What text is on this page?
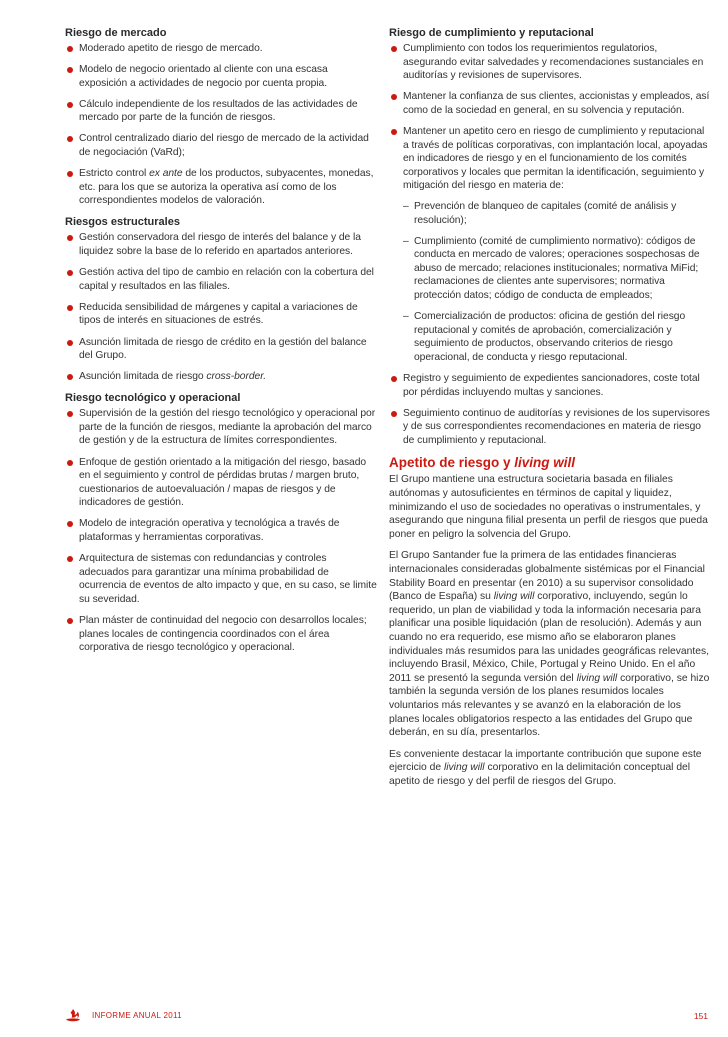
Riesgo de mercado
Moderado apetito de riesgo de mercado.
Modelo de negocio orientado al cliente con una escasa exposición a actividades de negocio por cuenta propia.
Cálculo independiente de los resultados de las actividades de mercado por parte de la función de riesgos.
Control centralizado diario del riesgo de mercado de la actividad de negociación (VaRd);
Estricto control ex ante de los productos, subyacentes, monedas, etc. para los que se autoriza la operativa así como de los correspondientes modelos de valoración.
Riesgos estructurales
Gestión conservadora del riesgo de interés del balance y de la liquidez sobre la base de lo referido en apartados anteriores.
Gestión activa del tipo de cambio en relación con la cobertura del capital y resultados en las filiales.
Reducida sensibilidad de márgenes y capital a variaciones de tipos de interés en situaciones de estrés.
Asunción limitada de riesgo de crédito en la gestión del balance del Grupo.
Asunción limitada de riesgo cross-border.
Riesgo tecnológico y operacional
Supervisión de la gestión del riesgo tecnológico y operacional por parte de la función de riesgos, mediante la aprobación del marco de gestión y de la estructura de límites correspondientes.
Enfoque de gestión orientado a la mitigación del riesgo, basado en el seguimiento y control de pérdidas brutas / margen bruto, cuestionarios de autoevaluación / mapas de riesgos y de indicadores de gestión.
Modelo de integración operativa y tecnológica a través de plataformas y herramientas corporativas.
Arquitectura de sistemas con redundancias y controles adecuados para garantizar una mínima probabilidad de ocurrencia de eventos de alto impacto y que, en su caso, se limite su severidad.
Plan máster de continuidad del negocio con desarrollos locales; planes locales de contingencia coordinados con el área corporativa de riesgo tecnológico y operacional.
Riesgo de cumplimiento y reputacional
Cumplimiento con todos los requerimientos regulatorios, asegurando evitar salvedades y recomendaciones sustanciales en auditorías y revisiones de supervisores.
Mantener la confianza de sus clientes, accionistas y empleados, así como de la sociedad en general, en su solvencia y reputación.
Mantener un apetito cero en riesgo de cumplimiento y reputacional a través de políticas corporativas, con implantación local, apoyadas en indicadores de riesgo y en el funcionamiento de los comités corporativos y locales que permitan la identificación, seguimiento y mitigación del riesgo en materia de:
– Prevención de blanqueo de capitales (comité de análisis y resolución);
– Cumplimiento (comité de cumplimiento normativo): códigos de conducta en mercado de valores; operaciones sospechosas de abuso de mercado; relaciones institucionales; normativa MiFid; reclamaciones de clientes ante supervisores; normativa protección datos; código de conducta de empleados;
– Comercialización de productos: oficina de gestión del riesgo reputacional y comités de aprobación, comercialización y seguimiento de productos, observando criterios de riesgo operacional, de conducta y riesgo reputacional.
Registro y seguimiento de expedientes sancionadores, coste total por pérdidas incluyendo multas y sanciones.
Seguimiento continuo de auditorías y revisiones de los supervisores y de sus correspondientes recomendaciones en materia de riesgo de cumplimiento y reputacional.
Apetito de riesgo y living will

El Grupo mantiene una estructura societaria basada en filiales autónomas y autosuficientes en términos de capital y liquidez, minimizando el uso de sociedades no operativas o instrumentales, y asegurando que ninguna filial presenta un perfil de riesgos que pueda poner en peligro la solvencia del Grupo.

El Grupo Santander fue la primera de las entidades financieras internacionales consideradas globalmente sistémicas por el Financial Stability Board en presentar (en 2010) a su supervisor consolidado (Banco de España) su living will corporativo, incluyendo, según lo requerido, un plan de viabilidad y toda la información necesaria para planificar una posible liquidación (plan de resolución). Además y aun cuando no era requerido, ese mismo año se elaboraron planes individuales más resumidos para las unidades geográficas relevantes, incluyendo Brasil, México, Chile, Portugal y Reino Unido. En el año 2011 se presentó la segunda versión del living will corporativo, se hizo también la segunda versión de los planes resumidos locales voluntarios más relevantes y se avanzó en la elaboración de los planes locales obligatorios respecto a las entidades del Grupo que deberán, en su día, presentarlos.

Es conveniente destacar la importante contribución que supone este ejercicio de living will corporativo en la delimitación conceptual del apetito de riesgo y del perfil de riesgos del Grupo.

INFORME ANUAL 2011	151
